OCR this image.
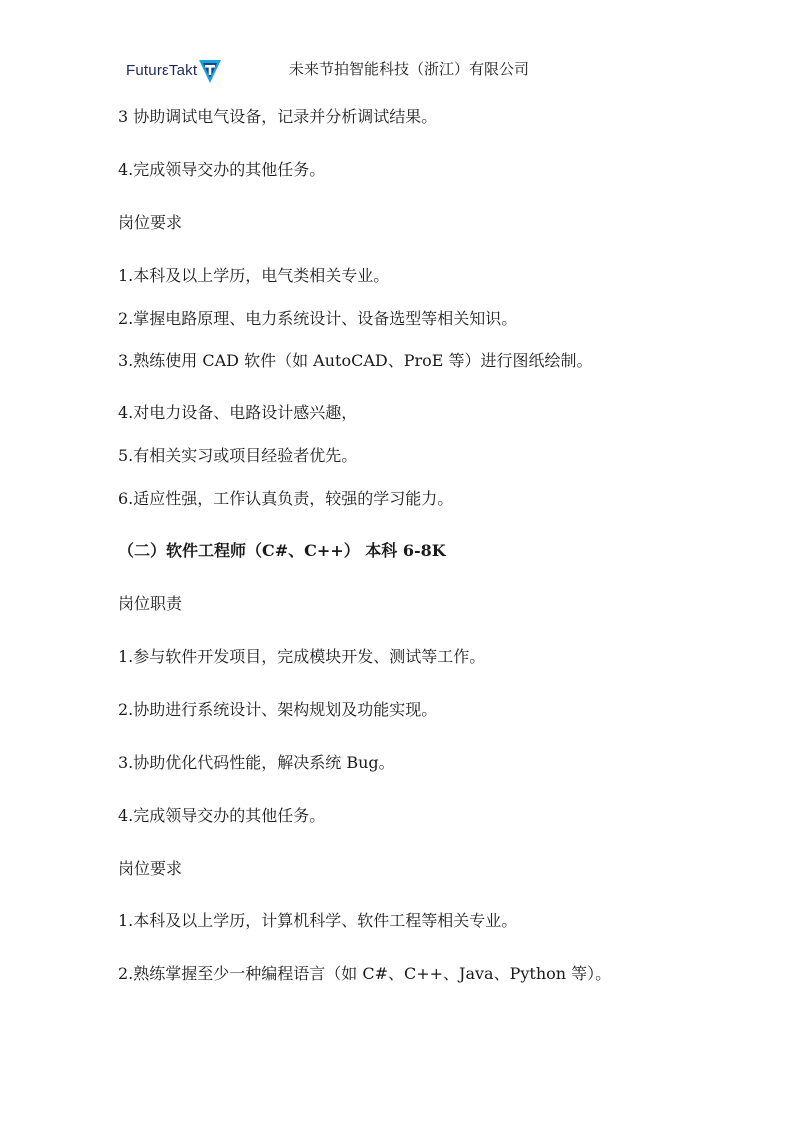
FuturεTakt	未来节拍智能科技（浙江）有限公司
3 协助调试电气设备，记录并分析调试结果。
4.完成领导交办的其他任务。
岗位要求
1.本科及以上学历，电气类相关专业。
2.掌握电路原理、电力系统设计、设备选型等相关知识。
3.熟练使用 CAD 软件（如 AutoCAD、ProE 等）进行图纸绘制。
4.对电力设备、电路设计感兴趣，
5.有相关实习或项目经验者优先。
6.适应性强，工作认真负责，较强的学习能力。
（二）软件工程师（C#、C++） 本科 6-8K
岗位职责
1.参与软件开发项目，完成模块开发、测试等工作。
2.协助进行系统设计、架构规划及功能实现。
3.协助优化代码性能，解决系统 Bug。
4.完成领导交办的其他任务。
岗位要求
1.本科及以上学历，计算机科学、软件工程等相关专业。
2.熟练掌握至少一种编程语言（如 C#、C++、Java、Python 等）。
